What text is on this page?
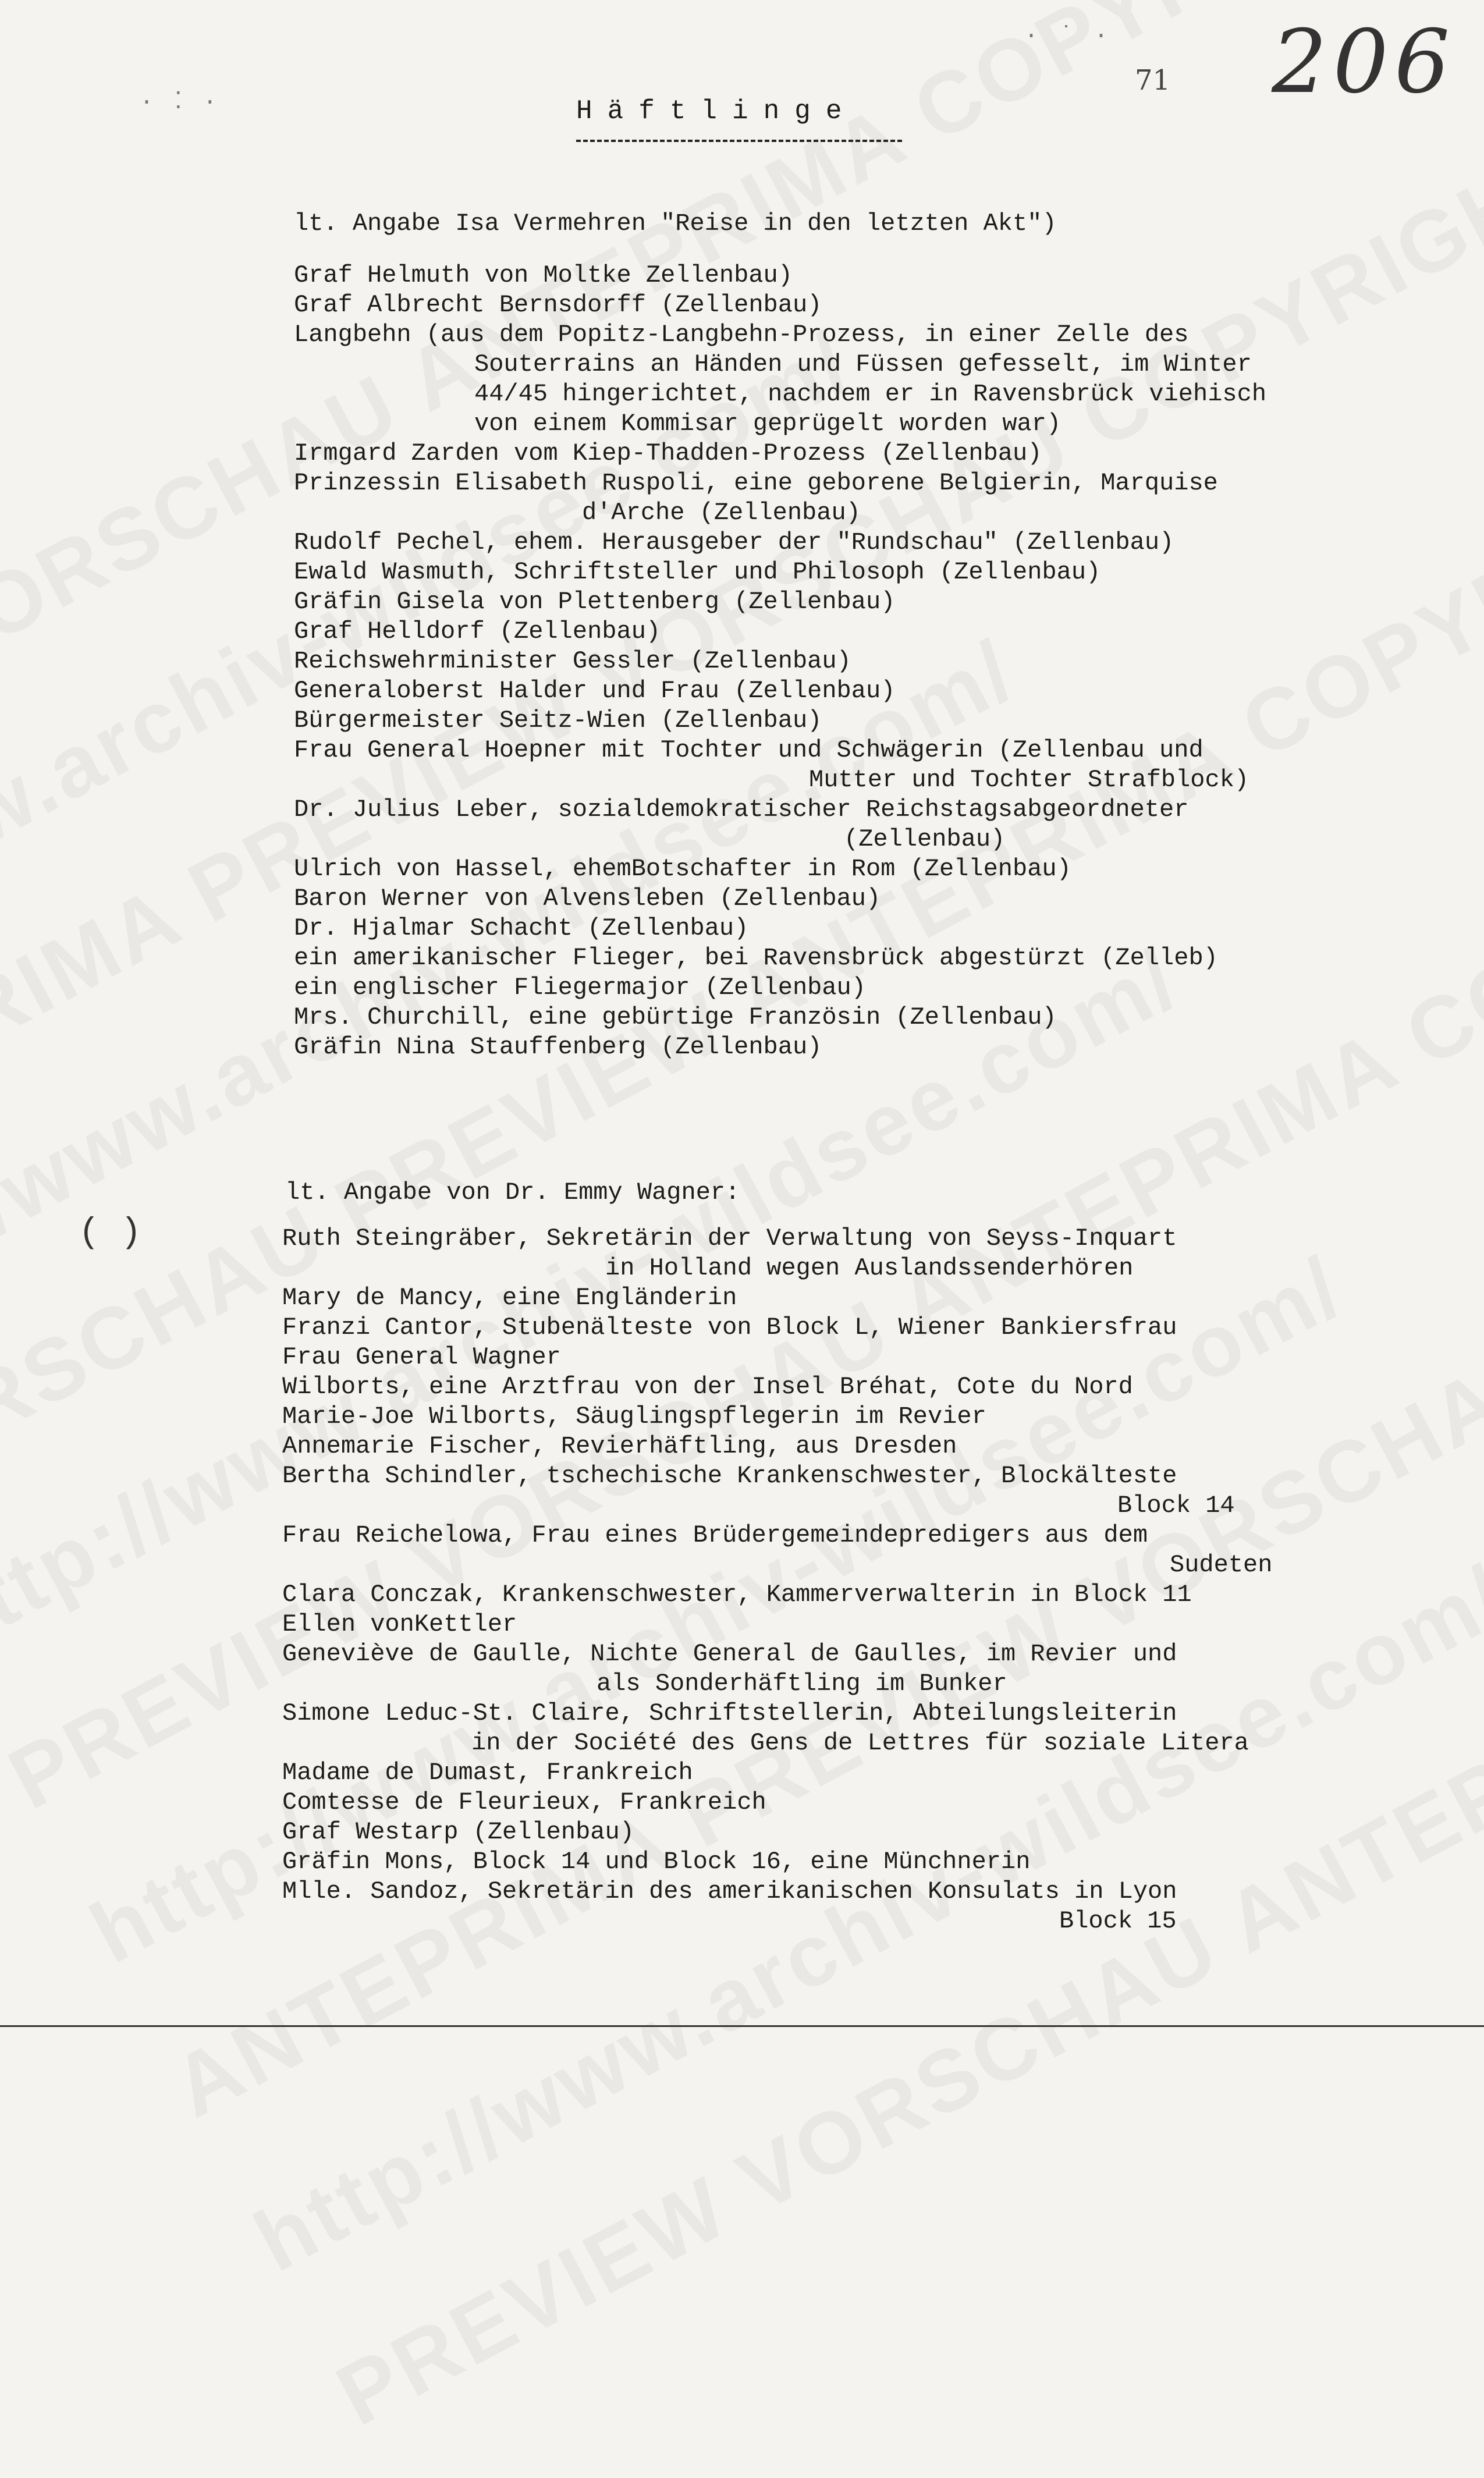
71 206
Häftlinge
· ⁚ ·
· ˙ ·
( )
lt. Angabe Isa Vermehren "Reise in den letzten Akt")
lt. Angabe von Dr. Emmy Wagner:
Graf Helmuth von Moltke Zellenbau)
Graf Albrecht Bernsdorff (Zellenbau)
Langbehn (aus dem Popitz-Langbehn-Prozess, in einer Zelle des
Souterrains an Händen und Füssen gefesselt, im Winter
44/45 hingerichtet, nachdem er in Ravensbrück viehisch
von einem Kommisar geprügelt worden war)
Irmgard Zarden vom Kiep-Thadden-Prozess (Zellenbau)
Prinzessin Elisabeth Ruspoli, eine geborene Belgierin, Marquise
d'Arche (Zellenbau)
Rudolf Pechel, ehem. Herausgeber der "Rundschau" (Zellenbau)
Ewald Wasmuth, Schriftsteller und Philosoph (Zellenbau)
Gräfin Gisela von Plettenberg (Zellenbau)
Graf Helldorf (Zellenbau)
Reichswehrminister Gessler (Zellenbau)
Generaloberst Halder und Frau (Zellenbau)
Bürgermeister Seitz-Wien (Zellenbau)
Frau General Hoepner mit Tochter und Schwägerin (Zellenbau und
Mutter und Tochter Strafblock)
Dr. Julius Leber, sozialdemokratischer Reichstagsabgeordneter
(Zellenbau)
Ulrich von Hassel, ehemBotschafter in Rom (Zellenbau)
Baron Werner von Alvensleben (Zellenbau)
Dr. Hjalmar Schacht (Zellenbau)
ein amerikanischer Flieger, bei Ravensbrück abgestürzt (Zelleb)
ein englischer Fliegermajor (Zellenbau)
Mrs. Churchill, eine gebürtige Französin (Zellenbau)
Gräfin Nina Stauffenberg (Zellenbau)
Ruth Steingräber, Sekretärin der Verwaltung von Seyss-Inquart
in Holland wegen Auslandssenderhören
Mary de Mancy, eine Engländerin
Franzi Cantor, Stubenälteste von Block L, Wiener Bankiersfrau
Frau General Wagner
Wilborts, eine Arztfrau von der Insel Bréhat, Cote du Nord
Marie-Joe Wilborts, Säuglingspflegerin im Revier
Annemarie Fischer, Revierhäftling, aus Dresden
Bertha Schindler, tschechische Krankenschwester, Blockälteste
Block 14
Frau Reichelowa, Frau eines Brüdergemeindepredigers aus dem
Sudeten
Clara Conczak, Krankenschwester, Kammerverwalterin in Block 11
Ellen vonKettler
Geneviève de Gaulle, Nichte General de Gaulles, im Revier und
als Sonderhäftling im Bunker
Simone Leduc-St. Claire, Schriftstellerin, Abteilungsleiterin
in der Société des Gens de Lettres für soziale Litera
Madame de Dumast, Frankreich
Comtesse de Fleurieux, Frankreich
Graf Westarp (Zellenbau)
Gräfin Mons, Block 14 und Block 16, eine Münchnerin
Mlle. Sandoz, Sekretärin des amerikanischen Konsulats in Lyon
Block 15
